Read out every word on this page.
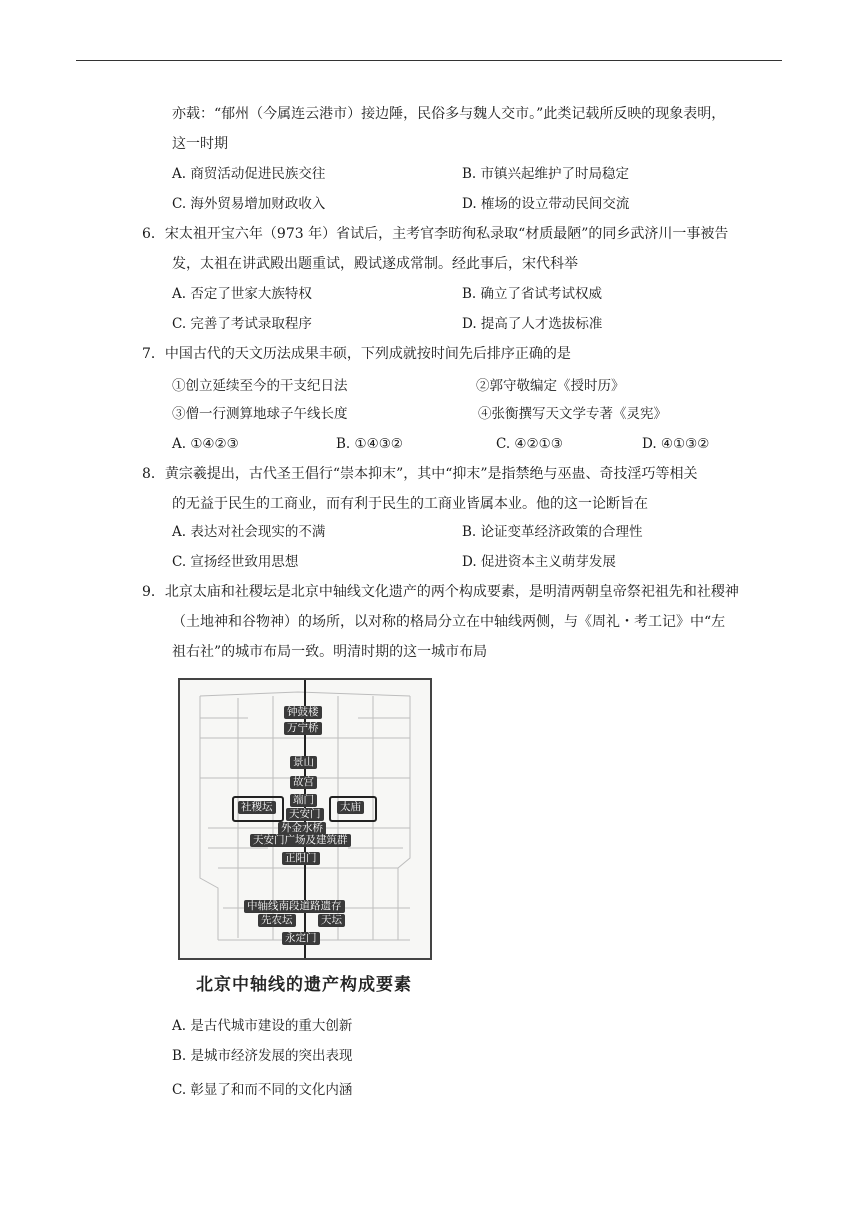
亦载：“郁州（今属连云港市）接边陲，民俗多与魏人交市。”此类记载所反映的现象表明，
这一时期
A. 商贸活动促进民族交往	B. 市镇兴起维护了时局稳定
C. 海外贸易增加财政收入	D. 榷场的设立带动民间交流
6．宋太祖开宝六年（973 年）省试后，主考官李昉徇私录取“材质最陋”的同乡武济川一事被告
发，太祖在讲武殿出题重试，殿试遂成常制。经此事后，宋代科举
A. 否定了世家大族特权	B. 确立了省试考试权威
C. 完善了考试录取程序	D. 提高了人才选拔标准
7．中国古代的天文历法成果丰硕，下列成就按时间先后排序正确的是
①创立延续至今的干支纪日法	②郭守敬编定《授时历》
③僧一行测算地球子午线长度	④张衡撰写天文学专著《灵宪》
A. ①④②③	B. ①④③②	C. ④②①③	D. ④①③②
8．黄宗羲提出，古代圣王倡行“崇本抑末”，其中“抑末”是指禁绝与巫蛊、奇技淫巧等相关
的无益于民生的工商业，而有利于民生的工商业皆属本业。他的这一论断旨在
A. 表达对社会现实的不满	B. 论证变革经济政策的合理性
C. 宣扬经世致用思想	D. 促进资本主义萌芽发展
9．北京太庙和社稷坛是北京中轴线文化遗产的两个构成要素，是明清两朝皇帝祭祀祖先和社稷神
（土地神和谷物神）的场所，以对称的格局分立在中轴线两侧，与《周礼・考工记》中“左
祖右社”的城市布局一致。明清时期的这一城市布局
钟鼓楼
万宁桥
景山
故宫
端门
社稷坛	太庙
天安门
外金水桥
天安门广场及建筑群
正阳门
中轴线南段道路遗存
先农坛	天坛
永定门
北京中轴线的遗产构成要素
A. 是古代城市建设的重大创新
B. 是城市经济发展的突出表现
C. 彰显了和而不同的文化内涵
